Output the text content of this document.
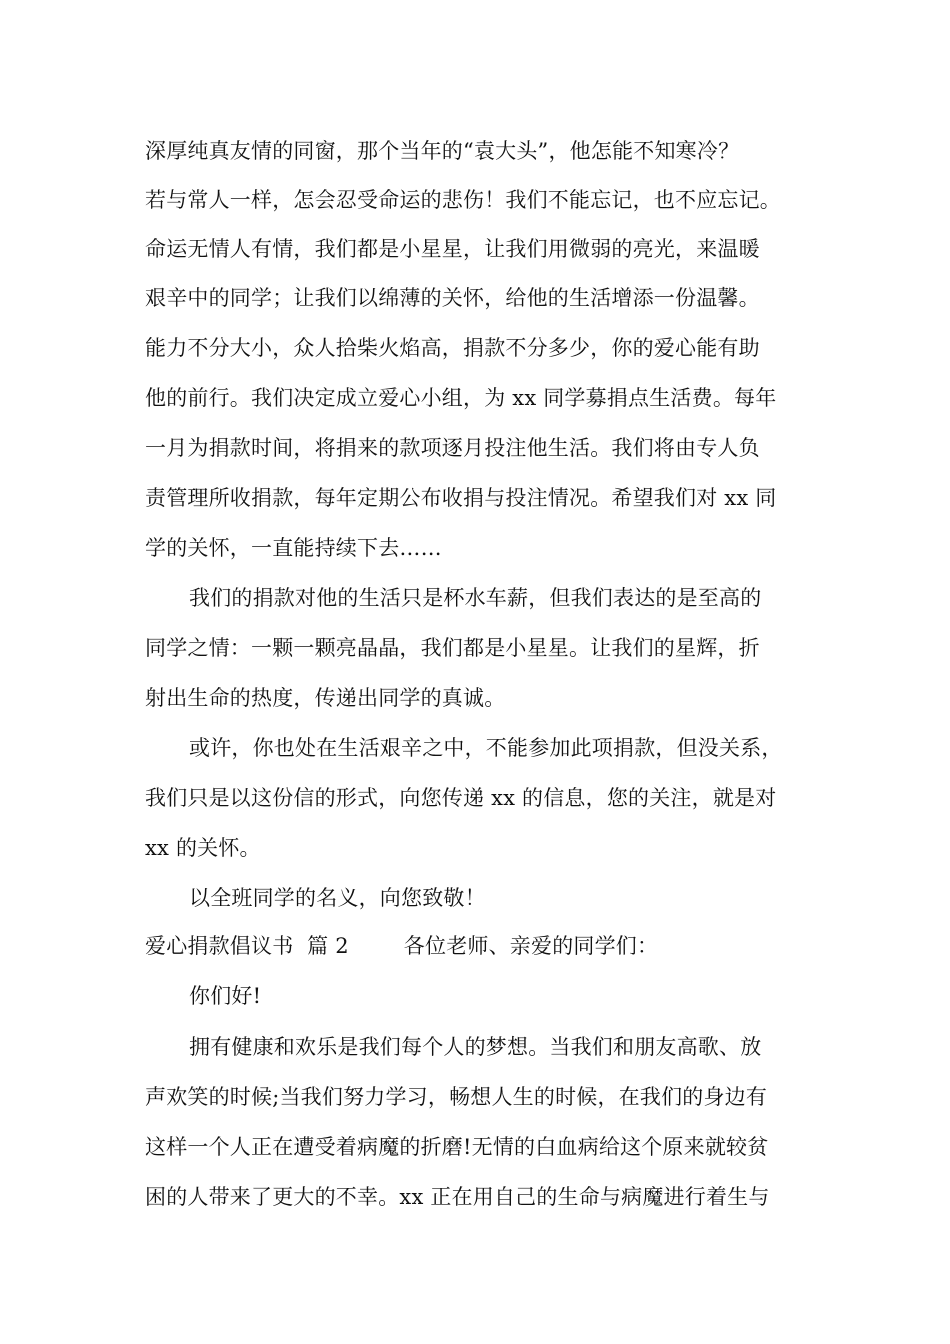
深厚纯真友情的同窗，那个当年的“袁大头”，他怎能不知寒冷？
若与常人一样，怎会忍受命运的悲伤！我们不能忘记，也不应忘记。
命运无情人有情，我们都是小星星，让我们用微弱的亮光，来温暖
艰辛中的同学；让我们以绵薄的关怀，给他的生活增添一份温馨。
能力不分大小，众人拾柴火焰高，捐款不分多少，你的爱心能有助
他的前行。我们决定成立爱心小组，为 xx 同学募捐点生活费。每年
一月为捐款时间，将捐来的款项逐月投注他生活。我们将由专人负
责管理所收捐款，每年定期公布收捐与投注情况。希望我们对 xx 同
学的关怀，一直能持续下去……
我们的捐款对他的生活只是杯水车薪，但我们表达的是至高的
同学之情：一颗一颗亮晶晶，我们都是小星星。让我们的星辉，折
射出生命的热度，传递出同学的真诚。
或许，你也处在生活艰辛之中，不能参加此项捐款，但没关系，
我们只是以这份信的形式，向您传递 xx 的信息，您的关注，就是对
xx 的关怀。
以全班同学的名义，向您致敬！
爱心捐款倡议书  篇 2        各位老师、亲爱的同学们：
你们好!
拥有健康和欢乐是我们每个人的梦想。当我们和朋友高歌、放
声欢笑的时候;当我们努力学习，畅想人生的时候，在我们的身边有
这样一个人正在遭受着病魔的折磨!无情的白血病给这个原来就较贫
困的人带来了更大的不幸。xx 正在用自己的生命与病魔进行着生与
